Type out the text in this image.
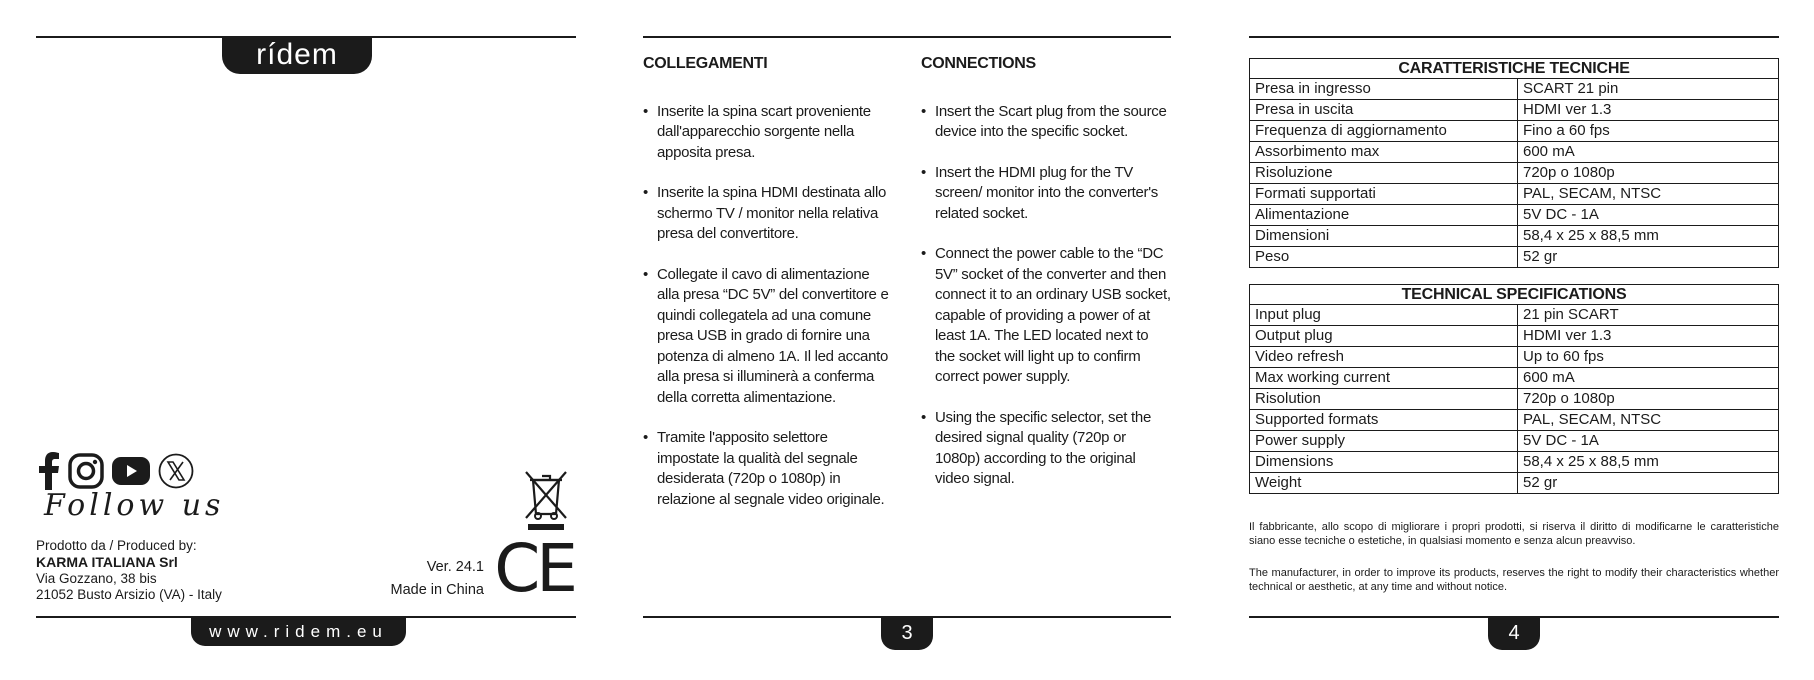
rídem
Follow us
Prodotto da / Produced by:
KARMA ITALIANA Srl
Via Gozzano, 38 bis
21052 Busto Arsizio (VA) - Italy
Ver. 24.1
Made in China CE
www.ridem.eu
COLLEGAMENTI
• Inserite la spina scart proveniente dall'apparecchio sorgente nella apposita presa.
• Inserite la spina HDMI destinata allo schermo TV / monitor nella relativa presa del convertitore.
• Collegate il cavo di alimentazione alla presa “DC 5V” del convertitore e quindi collegatela ad una comune presa USB in grado di fornire una potenza di almeno 1A. Il led accanto alla presa si illuminerà a conferma della corretta alimentazione.
• Tramite l'apposito selettore impostate la qualità del segnale desiderata (720p o 1080p) in relazione al segnale video originale.
CONNECTIONS
• Insert the Scart plug from the source device into the specific socket.
• Insert the HDMI plug for the TV screen/ monitor into the converter's related socket.
• Connect the power cable to the “DC 5V” socket of the converter and then connect it to an ordinary USB socket, capable of providing a power of at least 1A. The LED located next to the socket will light up to confirm correct power supply.
• Using the specific selector, set the desired signal quality (720p or 1080p) according to the original video signal.
3
CARATTERISTICHE TECNICHE	
Presa in ingresso	SCART 21 pin
Presa in uscita	HDMI ver 1.3
Frequenza di aggiornamento	Fino a 60 fps
Assorbimento max	600 mA
Risoluzione	720p o 1080p
Formati supportati	PAL, SECAM, NTSC
Alimentazione	5V DC - 1A
Dimensioni	58,4 x 25 x 88,5 mm
Peso	52 gr
TECHNICAL SPECIFICATIONS	
Input plug	21 pin SCART
Output plug	HDMI ver 1.3
Video refresh	Up to 60 fps
Max working current	600 mA
Risolution	720p o 1080p
Supported formats	PAL, SECAM, NTSC
Power supply	5V DC - 1A
Dimensions	58,4 x 25 x 88,5 mm
Weight	52 gr
Il fabbricante, allo scopo di migliorare i propri prodotti, si riserva il diritto di modificarne le caratteristiche siano esse tecniche o estetiche, in qualsiasi momento e senza alcun preavviso.
The manufacturer, in order to improve its products, reserves the right to modify their characteristics whether technical or aesthetic, at any time and without notice.
4
